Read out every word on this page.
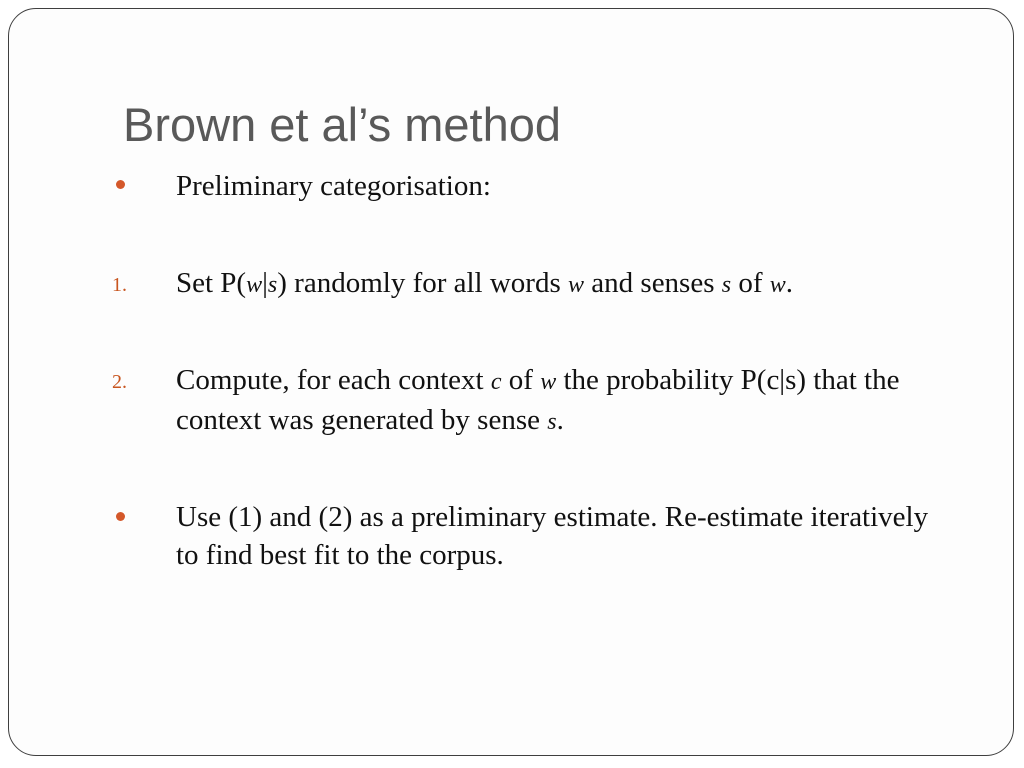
Brown et al’s method
Preliminary categorisation:
1. Set P(w|s) randomly for all words w and senses s of w.
2. Compute, for each context c of w the probability P(c|s) that the context was generated by sense s.
Use (1) and (2) as a preliminary estimate. Re-estimate iteratively to find best fit to the corpus.
